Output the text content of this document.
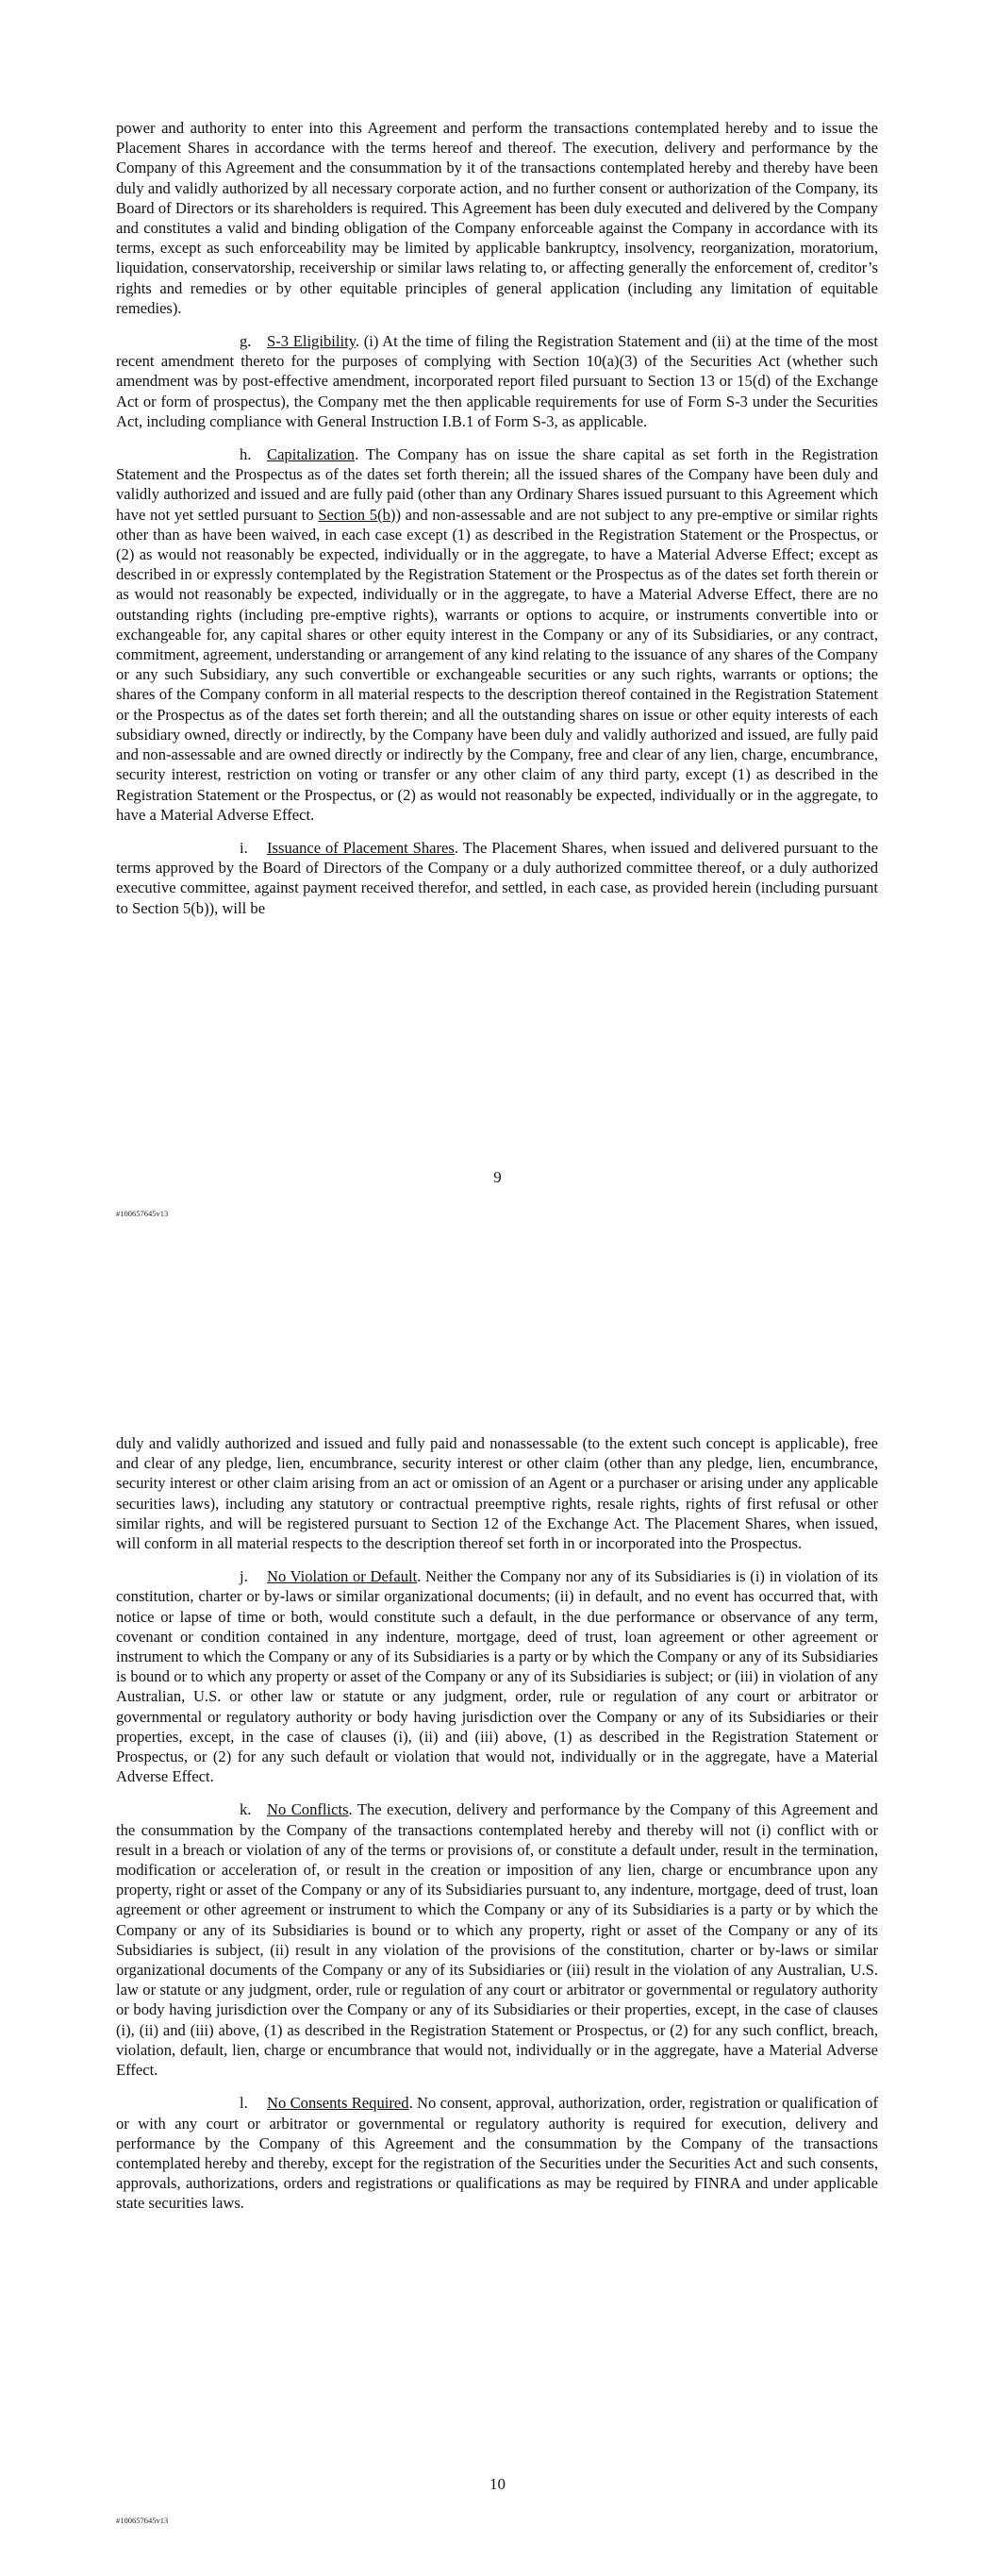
power and authority to enter into this Agreement and perform the transactions contemplated hereby and to issue the Placement Shares in accordance with the terms hereof and thereof. The execution, delivery and performance by the Company of this Agreement and the consummation by it of the transactions contemplated hereby and thereby have been duly and validly authorized by all necessary corporate action, and no further consent or authorization of the Company, its Board of Directors or its shareholders is required. This Agreement has been duly executed and delivered by the Company and constitutes a valid and binding obligation of the Company enforceable against the Company in accordance with its terms, except as such enforceability may be limited by applicable bankruptcy, insolvency, reorganization, moratorium, liquidation, conservatorship, receivership or similar laws relating to, or affecting generally the enforcement of, creditor’s rights and remedies or by other equitable principles of general application (including any limitation of equitable remedies).

g. S-3 Eligibility. (i) At the time of filing the Registration Statement and (ii) at the time of the most recent amendment thereto for the purposes of complying with Section 10(a)(3) of the Securities Act (whether such amendment was by post-effective amendment, incorporated report filed pursuant to Section 13 or 15(d) of the Exchange Act or form of prospectus), the Company met the then applicable requirements for use of Form S-3 under the Securities Act, including compliance with General Instruction I.B.1 of Form S-3, as applicable.

h. Capitalization. The Company has on issue the share capital as set forth in the Registration Statement and the Prospectus as of the dates set forth therein; all the issued shares of the Company have been duly and validly authorized and issued and are fully paid (other than any Ordinary Shares issued pursuant to this Agreement which have not yet settled pursuant to Section 5(b)) and non-assessable and are not subject to any pre-emptive or similar rights other than as have been waived, in each case except (1) as described in the Registration Statement or the Prospectus, or (2) as would not reasonably be expected, individually or in the aggregate, to have a Material Adverse Effect; except as described in or expressly contemplated by the Registration Statement or the Prospectus as of the dates set forth therein or as would not reasonably be expected, individually or in the aggregate, to have a Material Adverse Effect, there are no outstanding rights (including pre-emptive rights), warrants or options to acquire, or instruments convertible into or exchangeable for, any capital shares or other equity interest in the Company or any of its Subsidiaries, or any contract, commitment, agreement, understanding or arrangement of any kind relating to the issuance of any shares of the Company or any such Subsidiary, any such convertible or exchangeable securities or any such rights, warrants or options; the shares of the Company conform in all material respects to the description thereof contained in the Registration Statement or the Prospectus as of the dates set forth therein; and all the outstanding shares on issue or other equity interests of each subsidiary owned, directly or indirectly, by the Company have been duly and validly authorized and issued, are fully paid and non-assessable and are owned directly or indirectly by the Company, free and clear of any lien, charge, encumbrance, security interest, restriction on voting or transfer or any other claim of any third party, except (1) as described in the Registration Statement or the Prospectus, or (2) as would not reasonably be expected, individually or in the aggregate, to have a Material Adverse Effect.

i. Issuance of Placement Shares. The Placement Shares, when issued and delivered pursuant to the terms approved by the Board of Directors of the Company or a duly authorized committee thereof, or a duly authorized executive committee, against payment received therefor, and settled, in each case, as provided herein (including pursuant to Section 5(b)), will be

9
#100657645v13

duly and validly authorized and issued and fully paid and nonassessable (to the extent such concept is applicable), free and clear of any pledge, lien, encumbrance, security interest or other claim (other than any pledge, lien, encumbrance, security interest or other claim arising from an act or omission of an Agent or a purchaser or arising under any applicable securities laws), including any statutory or contractual preemptive rights, resale rights, rights of first refusal or other similar rights, and will be registered pursuant to Section 12 of the Exchange Act. The Placement Shares, when issued, will conform in all material respects to the description thereof set forth in or incorporated into the Prospectus.

j. No Violation or Default. Neither the Company nor any of its Subsidiaries is (i) in violation of its constitution, charter or by-laws or similar organizational documents; (ii) in default, and no event has occurred that, with notice or lapse of time or both, would constitute such a default, in the due performance or observance of any term, covenant or condition contained in any indenture, mortgage, deed of trust, loan agreement or other agreement or instrument to which the Company or any of its Subsidiaries is a party or by which the Company or any of its Subsidiaries is bound or to which any property or asset of the Company or any of its Subsidiaries is subject; or (iii) in violation of any Australian, U.S. or other law or statute or any judgment, order, rule or regulation of any court or arbitrator or governmental or regulatory authority or body having jurisdiction over the Company or any of its Subsidiaries or their properties, except, in the case of clauses (i), (ii) and (iii) above, (1) as described in the Registration Statement or Prospectus, or (2) for any such default or violation that would not, individually or in the aggregate, have a Material Adverse Effect.

k. No Conflicts. The execution, delivery and performance by the Company of this Agreement and the consummation by the Company of the transactions contemplated hereby and thereby will not (i) conflict with or result in a breach or violation of any of the terms or provisions of, or constitute a default under, result in the termination, modification or acceleration of, or result in the creation or imposition of any lien, charge or encumbrance upon any property, right or asset of the Company or any of its Subsidiaries pursuant to, any indenture, mortgage, deed of trust, loan agreement or other agreement or instrument to which the Company or any of its Subsidiaries is a party or by which the Company or any of its Subsidiaries is bound or to which any property, right or asset of the Company or any of its Subsidiaries is subject, (ii) result in any violation of the provisions of the constitution, charter or by-laws or similar organizational documents of the Company or any of its Subsidiaries or (iii) result in the violation of any Australian, U.S. law or statute or any judgment, order, rule or regulation of any court or arbitrator or governmental or regulatory authority or body having jurisdiction over the Company or any of its Subsidiaries or their properties, except, in the case of clauses (i), (ii) and (iii) above, (1) as described in the Registration Statement or Prospectus, or (2) for any such conflict, breach, violation, default, lien, charge or encumbrance that would not, individually or in the aggregate, have a Material Adverse Effect.

l. No Consents Required. No consent, approval, authorization, order, registration or qualification of or with any court or arbitrator or governmental or regulatory authority is required for execution, delivery and performance by the Company of this Agreement and the consummation by the Company of the transactions contemplated hereby and thereby, except for the registration of the Securities under the Securities Act and such consents, approvals, authorizations, orders and registrations or qualifications as may be required by FINRA and under applicable state securities laws.

10
#100657645v13
